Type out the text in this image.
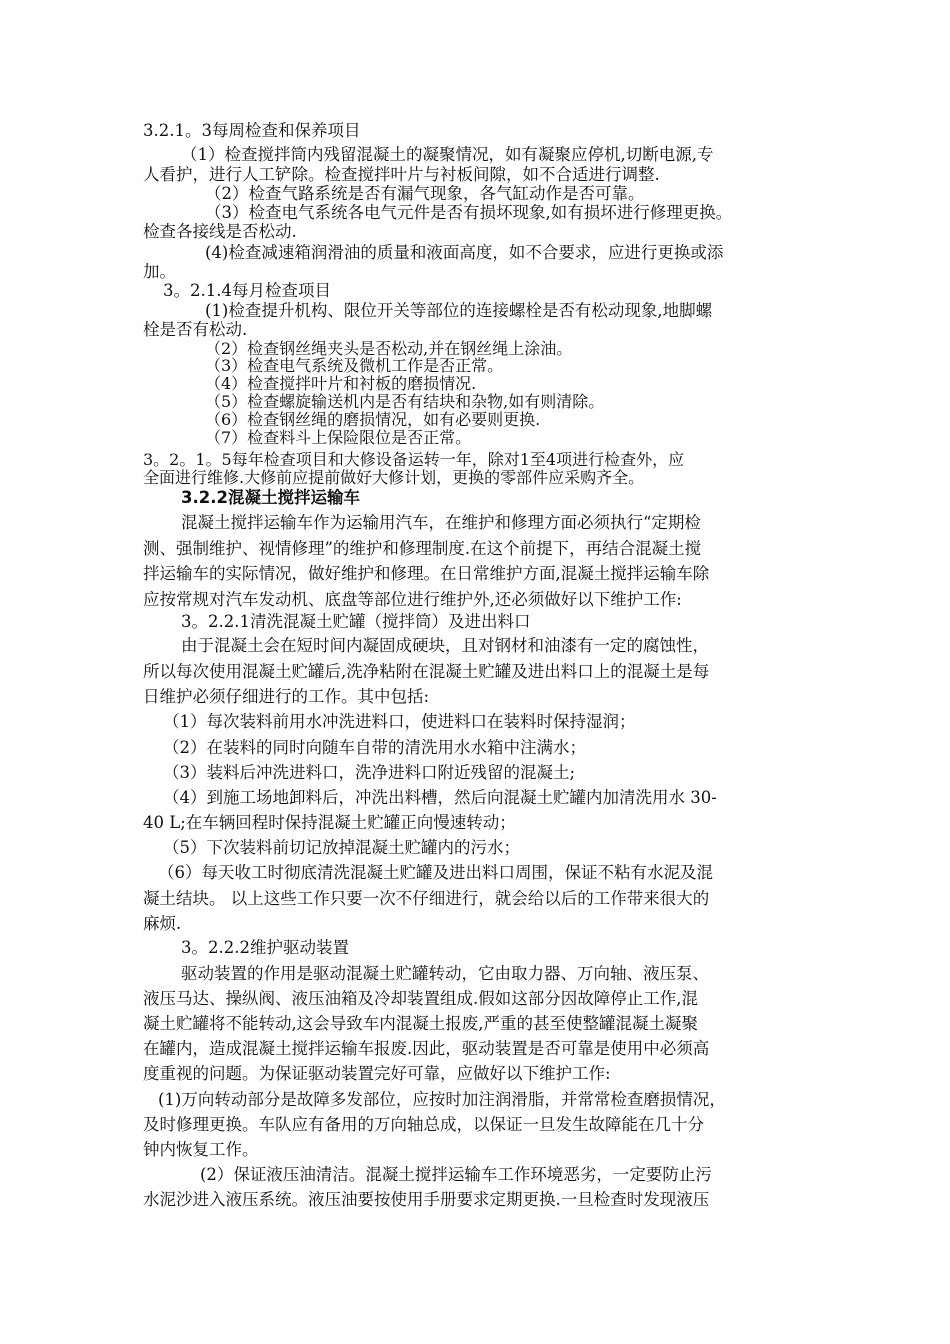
3.2.1。3每周检查和保养项目

（1）检查搅拌筒内残留混凝土的凝聚情况，如有凝聚应停机,切断电源,专

人看护，进行人工铲除。检查搅拌叶片与衬板间隙，如不合适进行调整.

（2）检查气路系统是否有漏气现象，各气缸动作是否可靠。

（3）检查电气系统各电气元件是否有损坏现象,如有损坏进行修理更换。

检查各接线是否松动.

(4)检查减速箱润滑油的质量和液面高度，如不合要求，应进行更换或添

加。

3。2.1.4每月检查项目

(1)检查提升机构、限位开关等部位的连接螺栓是否有松动现象,地脚螺

栓是否有松动.

（2）检查钢丝绳夹头是否松动,并在钢丝绳上涂油。

（3）检查电气系统及微机工作是否正常。

（4）检查搅拌叶片和衬板的磨损情况.

（5）检查螺旋输送机内是否有结块和杂物,如有则清除。

（6）检查钢丝绳的磨损情况，如有必要则更换.

（7）检查料斗上保险限位是否正常。

3。2。1。5每年检查项目和大修设备运转一年，除对1至4项进行检查外，应

全面进行维修.大修前应提前做好大修计划，更换的零部件应采购齐全。

3.2.2混凝土搅拌运输车

混凝土搅拌运输车作为运输用汽车，在维护和修理方面必须执行“定期检

测、强制维护、视情修理”的维护和修理制度.在这个前提下，再结合混凝土搅

拌运输车的实际情况，做好维护和修理。在日常维护方面,混凝土搅拌运输车除

应按常规对汽车发动机、底盘等部位进行维护外,还必须做好以下维护工作:

3。2.2.1清洗混凝土贮罐（搅拌筒）及进出料口

由于混凝土会在短时间内凝固成硬块，且对钢材和油漆有一定的腐蚀性，

所以每次使用混凝土贮罐后,洗净粘附在混凝土贮罐及进出料口上的混凝土是每

日维护必须仔细进行的工作。其中包括:

（1）每次装料前用水冲洗进料口，使进料口在装料时保持湿润；

（2）在装料的同时向随车自带的清洗用水水箱中注满水；

（3）装料后冲洗进料口，洗净进料口附近残留的混凝土;

（4）到施工场地卸料后，冲洗出料槽，然后向混凝土贮罐内加清洗用水 30-

40 L;在车辆回程时保持混凝土贮罐正向慢速转动；

（5）下次装料前切记放掉混凝土贮罐内的污水；

（6）每天收工时彻底清洗混凝土贮罐及进出料口周围，保证不粘有水泥及混

凝土结块。 以上这些工作只要一次不仔细进行，就会给以后的工作带来很大的

麻烦.

3。2.2.2维护驱动装置

驱动装置的作用是驱动混凝土贮罐转动，它由取力器、万向轴、液压泵、

液压马达、操纵阀、液压油箱及冷却装置组成.假如这部分因故障停止工作,混

凝土贮罐将不能转动,这会导致车内混凝土报废,严重的甚至使整罐混凝土凝聚

在罐内，造成混凝土搅拌运输车报废.因此，驱动装置是否可靠是使用中必须高

度重视的问题。为保证驱动装置完好可靠，应做好以下维护工作:

(1)万向转动部分是故障多发部位，应按时加注润滑脂，并常常检查磨损情况，

及时修理更换。车队应有备用的万向轴总成，以保证一旦发生故障能在几十分

钟内恢复工作。

(2）保证液压油清洁。混凝土搅拌运输车工作环境恶劣，一定要防止污

水泥沙进入液压系统。液压油要按使用手册要求定期更换.一旦检查时发现液压
